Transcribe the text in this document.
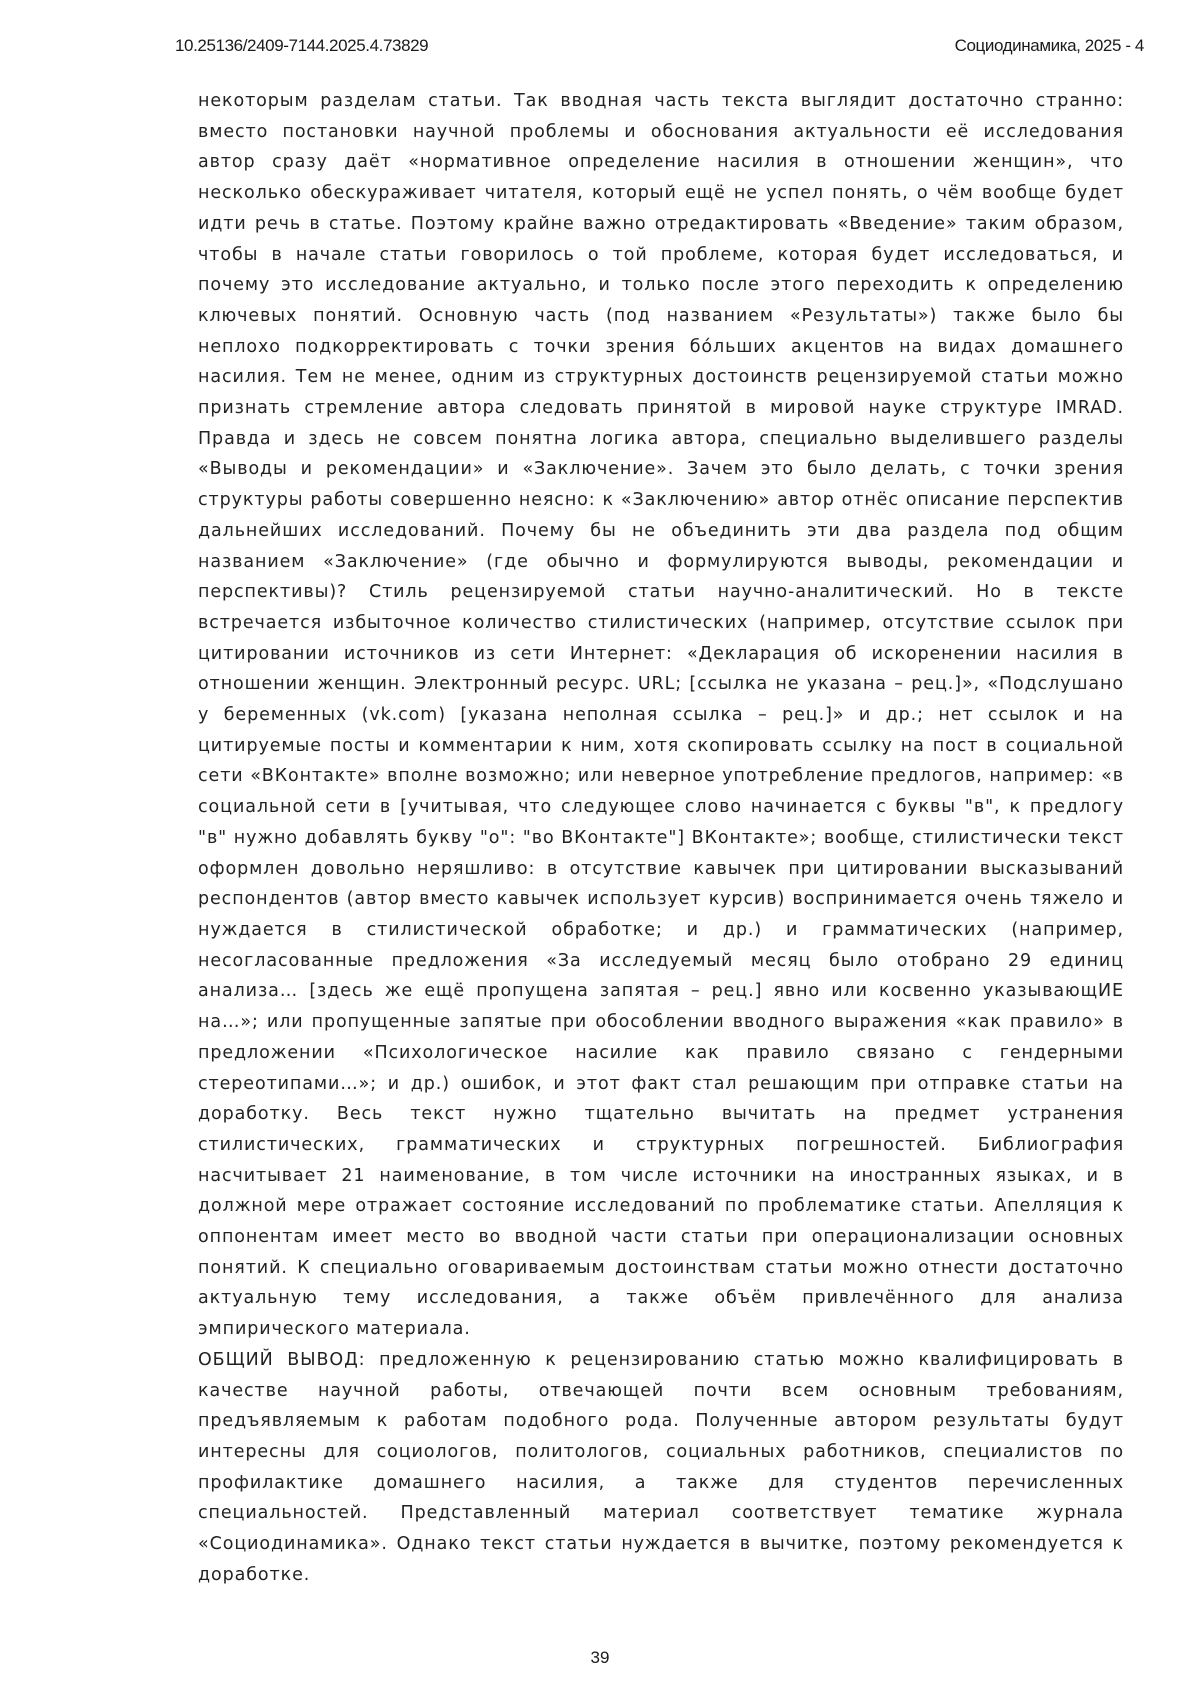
10.25136/2409-7144.2025.4.73829	Социодинамика, 2025 - 4

некоторым разделам статьи. Так вводная часть текста выглядит достаточно странно: вместо постановки научной проблемы и обоснования актуальности её исследования автор сразу даёт «нормативное определение насилия в отношении женщин», что несколько обескураживает читателя, который ещё не успел понять, о чём вообще будет идти речь в статье. Поэтому крайне важно отредактировать «Введение» таким образом, чтобы в начале статьи говорилось о той проблеме, которая будет исследоваться, и почему это исследование актуально, и только после этого переходить к определению ключевых понятий. Основную часть (под названием «Результаты») также было бы неплохо подкорректировать с точки зрения бóльших акцентов на видах домашнего насилия. Тем не менее, одним из структурных достоинств рецензируемой статьи можно признать стремление автора следовать принятой в мировой науке структуре IMRAD. Правда и здесь не совсем понятна логика автора, специально выделившего разделы «Выводы и рекомендации» и «Заключение». Зачем это было делать, с точки зрения структуры работы совершенно неясно: к «Заключению» автор отнёс описание перспектив дальнейших исследований. Почему бы не объединить эти два раздела под общим названием «Заключение» (где обычно и формулируются выводы, рекомендации и перспективы)? Стиль рецензируемой статьи научно-аналитический. Но в тексте встречается избыточное количество стилистических (например, отсутствие ссылок при цитировании источников из сети Интернет: «Декларация об искоренении насилия в отношении женщин. Электронный ресурс. URL; [ссылка не указана – рец.]», «Подслушано у беременных (vk.com) [указана неполная ссылка – рец.]» и др.; нет ссылок и на цитируемые посты и комментарии к ним, хотя скопировать ссылку на пост в социальной сети «ВКонтакте» вполне возможно; или неверное употребление предлогов, например: «в социальной сети в [учитывая, что следующее слово начинается с буквы "в", к предлогу "в" нужно добавлять букву "о": "во ВКонтакте"] ВКонтакте»; вообще, стилистически текст оформлен довольно неряшливо: в отсутствие кавычек при цитировании высказываний респондентов (автор вместо кавычек использует курсив) воспринимается очень тяжело и нуждается в стилистической обработке; и др.) и грамматических (например, несогласованные предложения «За исследуемый месяц было отобрано 29 единиц анализа… [здесь же ещё пропущена запятая – рец.] явно или косвенно указывающИЕ на…»; или пропущенные запятые при обособлении вводного выражения «как правило» в предложении «Психологическое насилие как правило связано с гендерными стереотипами…»; и др.) ошибок, и этот факт стал решающим при отправке статьи на доработку. Весь текст нужно тщательно вычитать на предмет устранения стилистических, грамматических и структурных погрешностей. Библиография насчитывает 21 наименование, в том числе источники на иностранных языках, и в должной мере отражает состояние исследований по проблематике статьи. Апелляция к оппонентам имеет место во вводной части статьи при операционализации основных понятий. К специально оговариваемым достоинствам статьи можно отнести достаточно актуальную тему исследования, а также объём привлечённого для анализа эмпирического материала.

ОБЩИЙ ВЫВОД: предложенную к рецензированию статью можно квалифицировать в качестве научной работы, отвечающей почти всем основным требованиям, предъявляемым к работам подобного рода. Полученные автором результаты будут интересны для социологов, политологов, социальных работников, специалистов по профилактике домашнего насилия, а также для студентов перечисленных специальностей. Представленный материал соответствует тематике журнала «Социодинамика». Однако текст статьи нуждается в вычитке, поэтому рекомендуется к доработке.

39
